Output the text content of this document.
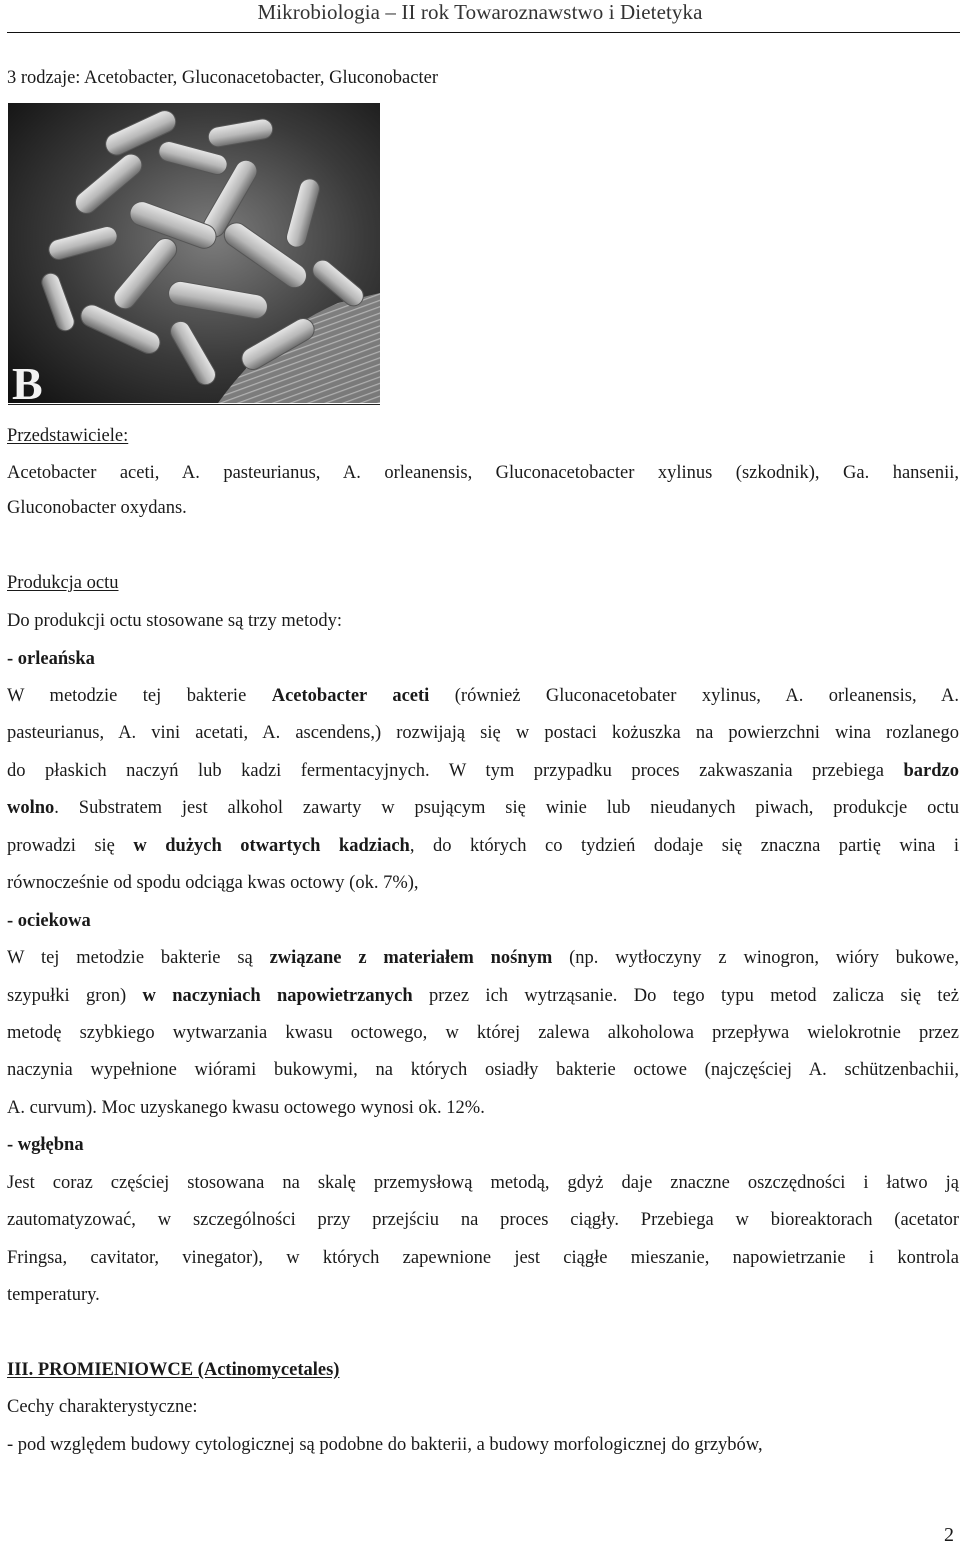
Mikrobiologia – II rok Towaroznawstwo i Dietetyka
3 rodzaje: Acetobacter, Gluconacetobacter, Gluconobacter
B
Przedstawiciele:
Acetobacter aceti, A. pasteurianus, A. orleanensis, Gluconacetobacter xylinus (szkodnik), Ga. hansenii,
Gluconobacter oxydans.
Produkcja octu
Do produkcji octu stosowane są trzy metody:
- orleańska
W metodzie tej bakterie Acetobacter aceti (również Gluconacetobater xylinus, A. orleanensis, A.
pasteurianus, A. vini acetati, A. ascendens,) rozwijają się w postaci kożuszka na powierzchni wina rozlanego
do płaskich naczyń lub kadzi fermentacyjnych. W tym przypadku proces zakwaszania przebiega bardzo
wolno. Substratem jest alkohol zawarty w psującym się winie lub nieudanych piwach, produkcje octu
prowadzi się w dużych otwartych kadziach, do których co tydzień dodaje się znaczna partię wina i
równocześnie od spodu odciąga kwas octowy (ok. 7%),
- ociekowa
W tej metodzie bakterie są związane z materiałem nośnym (np. wytłoczyny z winogron, wióry bukowe,
szypułki gron) w naczyniach napowietrzanych przez ich wytrząsanie. Do tego typu metod zalicza się też
metodę szybkiego wytwarzania kwasu octowego, w której zalewa alkoholowa przepływa wielokrotnie przez
naczynia wypełnione wiórami bukowymi, na których osiadły bakterie octowe (najczęściej A. schützenbachii,
A. curvum). Moc uzyskanego kwasu octowego wynosi ok. 12%.
- wgłębna
Jest coraz częściej stosowana na skalę przemysłową metodą, gdyż daje znaczne oszczędności i łatwo ją
zautomatyzować, w szczególności przy przejściu na proces ciągły. Przebiega w bioreaktorach (acetator
Fringsa, cavitator, vinegator), w których zapewnione jest ciągłe mieszanie, napowietrzanie i kontrola
temperatury.
III. PROMIENIOWCE (Actinomycetales)
Cechy charakterystyczne:
- pod względem budowy cytologicznej są podobne do bakterii, a budowy morfologicznej do grzybów,
2
